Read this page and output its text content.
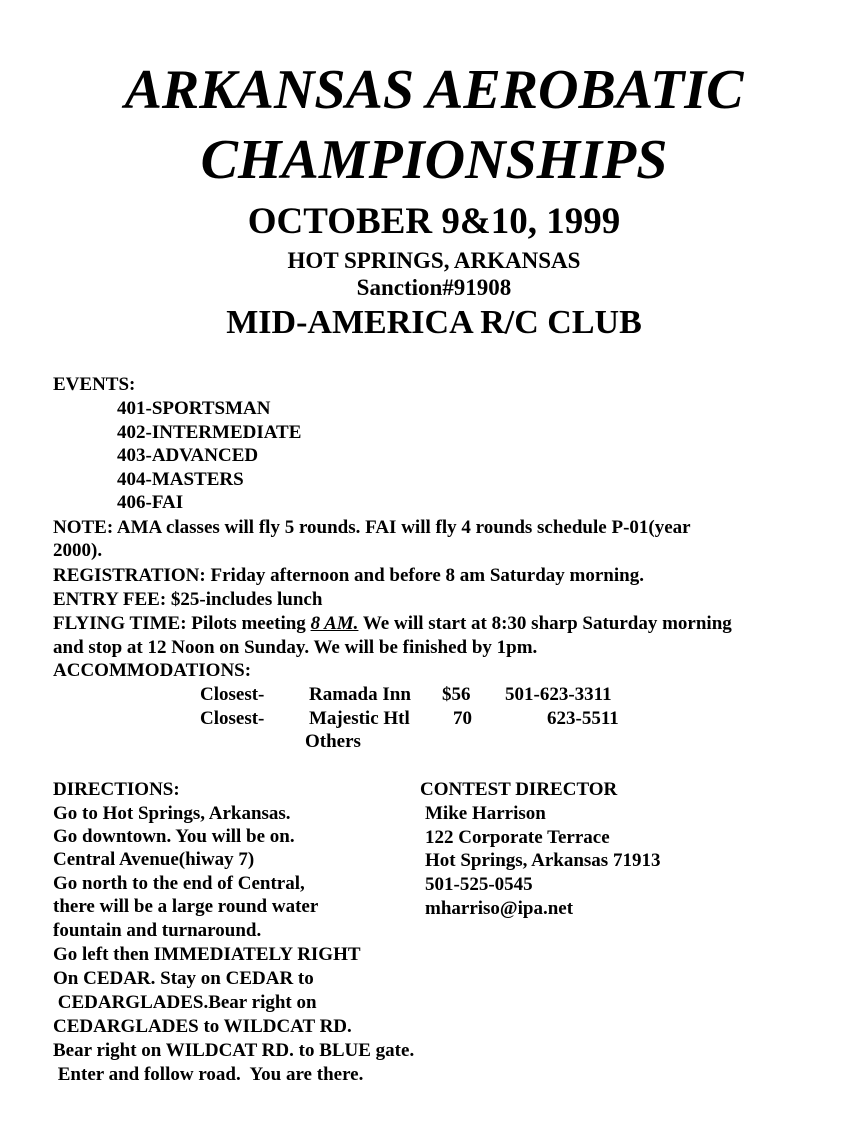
ARKANSAS AEROBATIC
CHAMPIONSHIPS
OCTOBER 9&10, 1999
HOT SPRINGS, ARKANSAS
Sanction#91908
MID-AMERICA R/C CLUB
EVENTS:
401-SPORTSMAN
402-INTERMEDIATE
403-ADVANCED
404-MASTERS
406-FAI
NOTE: AMA classes will fly 5 rounds. FAI will fly 4 rounds schedule P-01(year
2000).
REGISTRATION: Friday afternoon and before 8 am Saturday morning.
ENTRY FEE: $25-includes lunch
FLYING TIME: Pilots meeting 8 AM. We will start at 8:30 sharp Saturday morning
and stop at 12 Noon on Sunday. We will be finished by 1pm.
ACCOMMODATIONS:
Closest- Ramada Inn $56 501-623-3311
Closest- Majestic Htl 70	623-5511
Others
DIRECTIONS:
Go to Hot Springs, Arkansas.
Go downtown. You will be on.
Central Avenue(hiway 7)
Go north to the end of Central,
there will be a large round water
fountain and turnaround.
Go left then IMMEDIATELY RIGHT
On CEDAR. Stay on CEDAR to
CEDARGLADES.Bear right on
CEDARGLADES to WILDCAT RD.
Bear right on WILDCAT RD. to BLUE gate.
Enter and follow road.  You are there.
CONTEST DIRECTOR
Mike Harrison
122 Corporate Terrace
Hot Springs, Arkansas 71913
501-525-0545
mharriso@ipa.net
